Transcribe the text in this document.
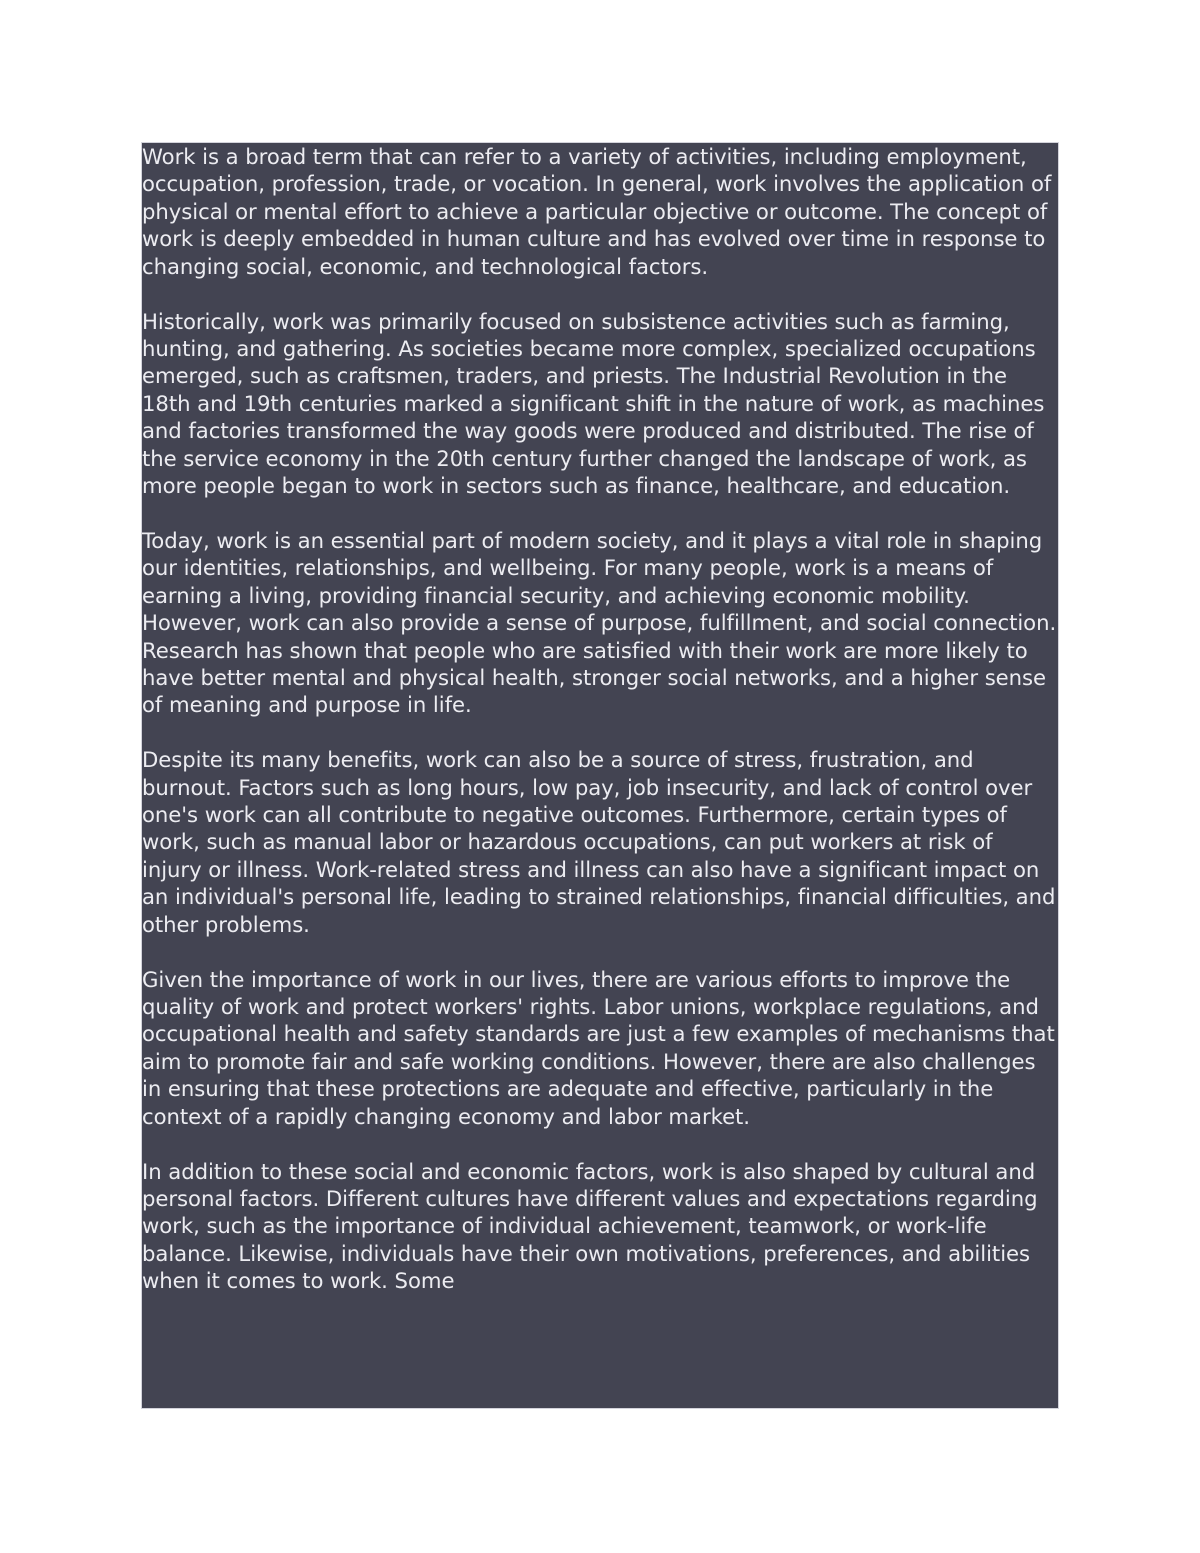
Work is a broad term that can refer to a variety of activities, including employment, occupation, profession, trade, or vocation. In general, work involves the application of physical or mental effort to achieve a particular objective or outcome. The concept of work is deeply embedded in human culture and has evolved over time in response to changing social, economic, and technological factors.

Historically, work was primarily focused on subsistence activities such as farming, hunting, and gathering. As societies became more complex, specialized occupations emerged, such as craftsmen, traders, and priests. The Industrial Revolution in the 18th and 19th centuries marked a significant shift in the nature of work, as machines and factories transformed the way goods were produced and distributed. The rise of the service economy in the 20th century further changed the landscape of work, as more people began to work in sectors such as finance, healthcare, and education.

Today, work is an essential part of modern society, and it plays a vital role in shaping our identities, relationships, and wellbeing. For many people, work is a means of earning a living, providing financial security, and achieving economic mobility. However, work can also provide a sense of purpose, fulfillment, and social connection. Research has shown that people who are satisfied with their work are more likely to have better mental and physical health, stronger social networks, and a higher sense of meaning and purpose in life.

Despite its many benefits, work can also be a source of stress, frustration, and burnout. Factors such as long hours, low pay, job insecurity, and lack of control over one's work can all contribute to negative outcomes. Furthermore, certain types of work, such as manual labor or hazardous occupations, can put workers at risk of injury or illness. Work-related stress and illness can also have a significant impact on an individual's personal life, leading to strained relationships, financial difficulties, and other problems.

Given the importance of work in our lives, there are various efforts to improve the quality of work and protect workers' rights. Labor unions, workplace regulations, and occupational health and safety standards are just a few examples of mechanisms that aim to promote fair and safe working conditions. However, there are also challenges in ensuring that these protections are adequate and effective, particularly in the context of a rapidly changing economy and labor market.

In addition to these social and economic factors, work is also shaped by cultural and personal factors. Different cultures have different values and expectations regarding work, such as the importance of individual achievement, teamwork, or work-life balance. Likewise, individuals have their own motivations, preferences, and abilities when it comes to work. Some
